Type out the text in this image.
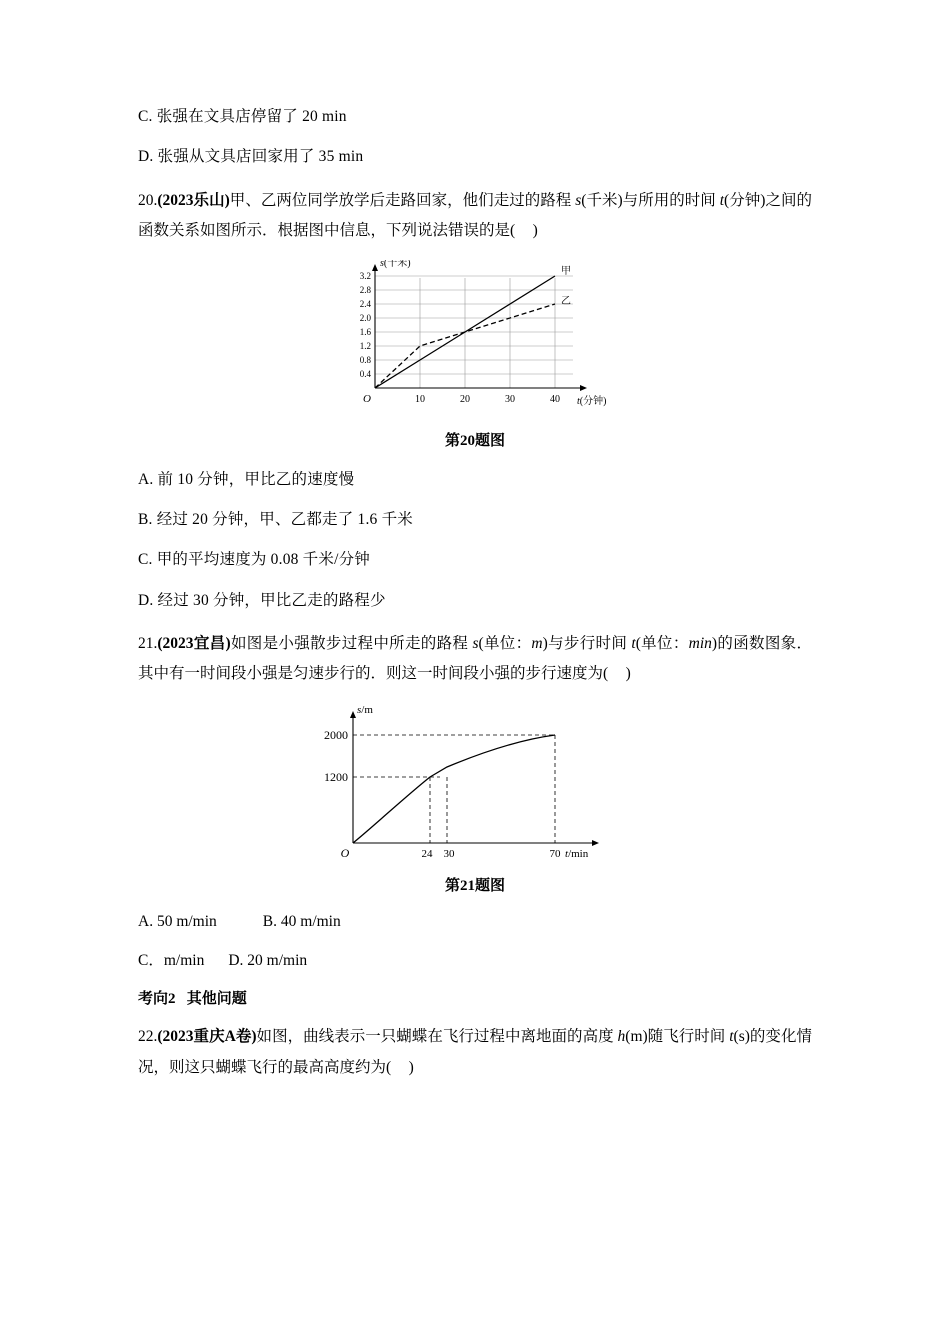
C. 张强在文具店停留了 20 min
D. 张强从文具店回家用了 35 min
20.(2023乐山)甲、乙两位同学放学后走路回家，他们走过的路程 s(千米)与所用的时间 t(分钟)之间的函数关系如图所示．根据图中信息，下列说法错误的是( )
0.4
0.8
1.2
1.6
2.0
2.4
2.8
3.2
10	20	30	40
O
s(千米)
t(分钟)
甲
乙
第20题图
A. 前 10 分钟，甲比乙的速度慢
B. 经过 20 分钟，甲、乙都走了 1.6 千米
C. 甲的平均速度为 0.08 千米/分钟
D. 经过 30 分钟，甲比乙走的路程少
21.(2023宜昌)如图是小强散步过程中所走的路程 s(单位：m)与步行时间 t(单位：min)的函数图象．其中有一时间段小强是匀速步行的．则这一时间段小强的步行速度为( )
2000
1200
24 30	70
O
s/m
t/min
第21题图
A. 50 m/min	B. 40 m/min
C．m/min D. 20 m/min
考向2 其他问题
22.(2023重庆A卷)如图，曲线表示一只蝴蝶在飞行过程中离地面的高度 h(m)随飞行时间 t(s)的变化情况，则这只蝴蝶飞行的最高高度约为( )
